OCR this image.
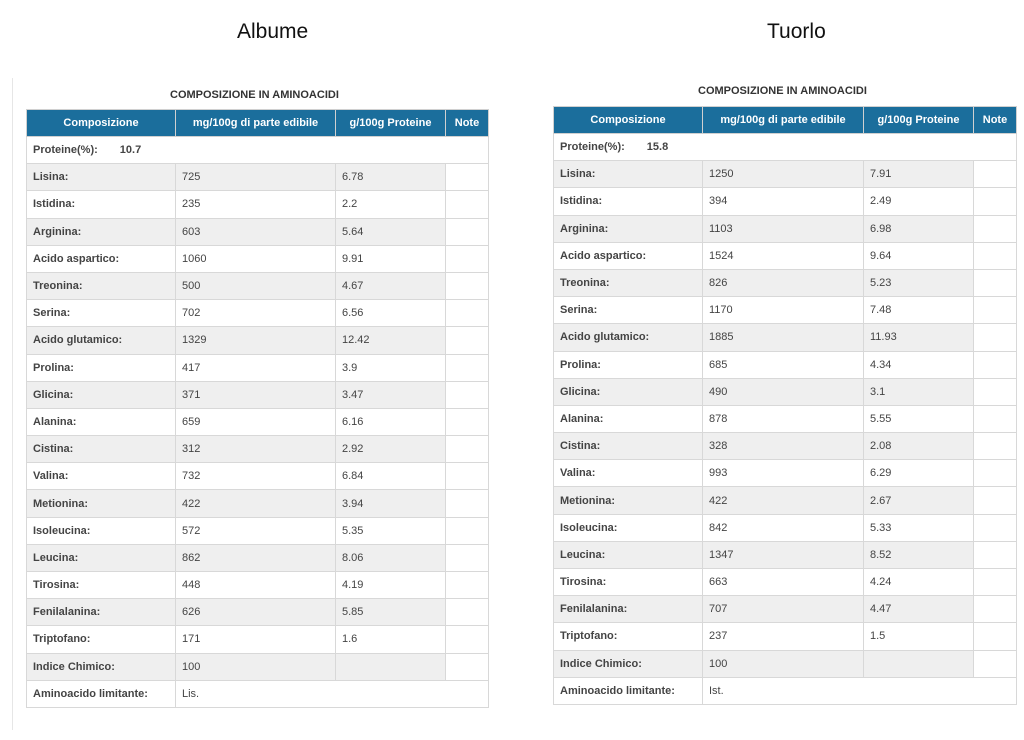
Albume	Tuorlo
COMPOSIZIONE IN AMINOACIDI
Composizione	mg/100g di parte edibile	g/100g Proteine	Note
Proteine(%): 10.7			
Lisina:	725	6.78	
Istidina:	235	2.2	
Arginina:	603	5.64	
Acido aspartico:	1060	9.91	
Treonina:	500	4.67	
Serina:	702	6.56	
Acido glutamico:	1329	12.42	
Prolina:	417	3.9	
Glicina:	371	3.47	
Alanina:	659	6.16	
Cistina:	312	2.92	
Valina:	732	6.84	
Metionina:	422	3.94	
Isoleucina:	572	5.35	
Leucina:	862	8.06	
Tirosina:	448	4.19	
Fenilalanina:	626	5.85	
Triptofano:	171	1.6	
Indice Chimico:	100		
Aminoacido limitante:	Lis.		
COMPOSIZIONE IN AMINOACIDI
Composizione	mg/100g di parte edibile	g/100g Proteine	Note
Proteine(%): 15.8			
Lisina:	1250	7.91	
Istidina:	394	2.49	
Arginina:	1103	6.98	
Acido aspartico:	1524	9.64	
Treonina:	826	5.23	
Serina:	1170	7.48	
Acido glutamico:	1885	11.93	
Prolina:	685	4.34	
Glicina:	490	3.1	
Alanina:	878	5.55	
Cistina:	328	2.08	
Valina:	993	6.29	
Metionina:	422	2.67	
Isoleucina:	842	5.33	
Leucina:	1347	8.52	
Tirosina:	663	4.24	
Fenilalanina:	707	4.47	
Triptofano:	237	1.5	
Indice Chimico:	100		
Aminoacido limitante:	Ist.		
